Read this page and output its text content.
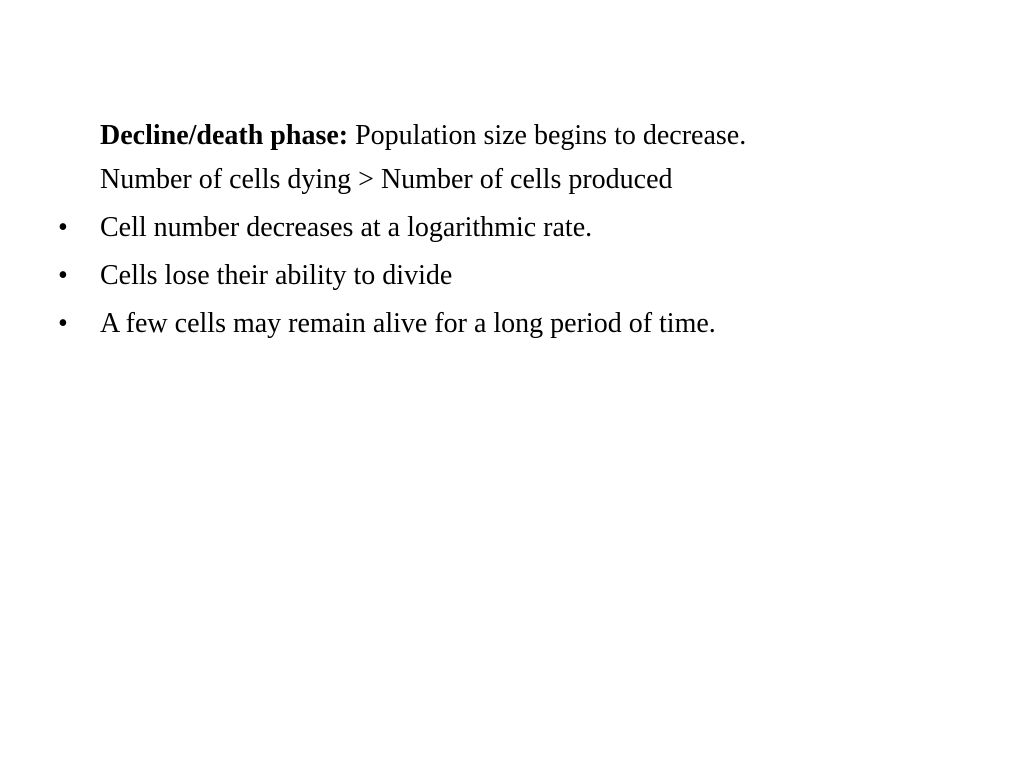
Decline/death phase: Population size begins to decrease.
Number of cells dying > Number of cells produced
• Cell number decreases at a logarithmic rate.
• Cells lose their ability to divide
• A few cells may remain alive for a long period of time.
